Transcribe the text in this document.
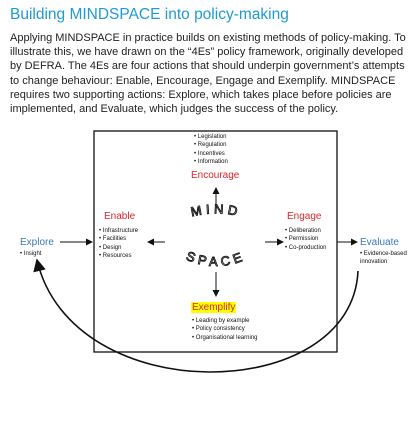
Building MINDSPACE into policy-making
Applying MINDSPACE in practice builds on existing methods of policy-making. To illustrate this, we have drawn on the “4Es” policy framework, originally developed by DEFRA. The 4Es are four actions that should underpin government’s attempts to change behaviour: Enable, Encourage, Engage and Exemplify. MINDSPACE requires two supporting actions: Explore, which takes place before policies are implemented, and Evaluate, which judges the success of the policy.
MIND
SPACE
• Legislation
• Regulation
• Incentives
• Information
Encourage
Enable
• Infrastructure
• Facilities
• Design
• Resources
Engage
• Deliberation
• Permission
• Co-production
Exemplify
• Leading by example
• Policy consistency
• Organisational learning
Explore
• Insight
Evaluate
• Evidence-based innovation
